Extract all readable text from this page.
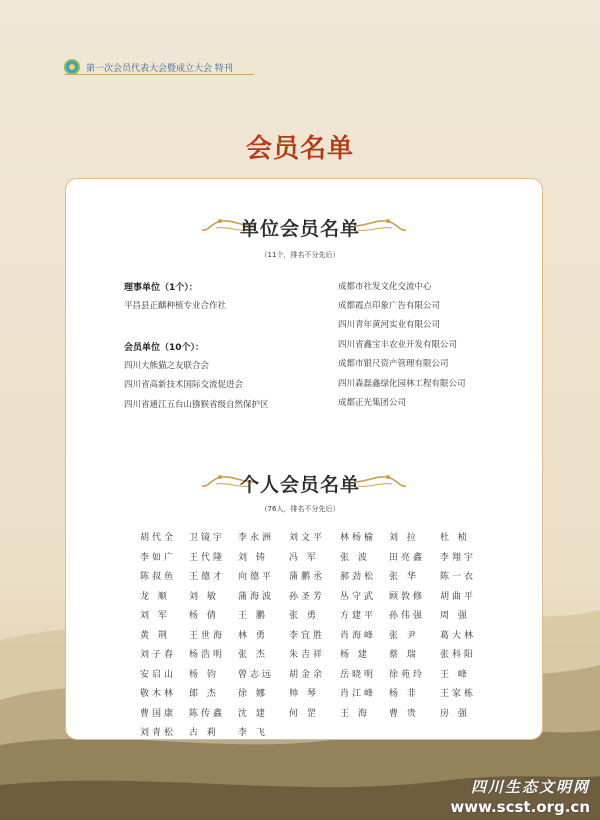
第一次会员代表大会暨成立大会 特刊
会员名单
单位会员名单
（11个，排名不分先后）
理事单位（1个）：
平昌县正麒种植专业合作社
会员单位（10个）：
四川大熊猫之友联合会
四川省高新技术国际交流促进会
四川省通江五台山猕猴省级自然保护区
成都市社发文化交流中心
成都霞点印象广告有限公司
四川青年黄河实业有限公司
四川省鑫宝丰农业开发有限公司
成都市银尺资产管理有限公司
四川森磊鑫绿化园林工程有限公司
成都正光集团公司
个人会员名单
（76人，排名不分先后）
胡代全 卫镜宇 李永洲 刘文平 林杨榆 刘 拉 杜 桢
李如广 王代隆 刘 铸 冯 军 张 波 田亮鑫 李翔宇
陈叔鱼 王德才 向德平 蒲鹏丞 郝劲松 张 华 陈一衣
龙 顺 刘 敏 蒲海波 孙圣芳 丛守武 顾敦修 胡曲平
刘 军 杨 倩 王 鹏 张 勇 方建平 孙伟强 周 强
黄 荆 王世海 林 勇 李宜胜 肖海峰 张 尹 葛大林
刘子春 杨浩明 张 杰 朱吉祥 杨 建 蔡 瑞 张科阳
安启山 杨 钧 曾志远 胡金余 岳晓明 徐苑玲 王 峰
敬木林 郎 杰 徐 娜 帅 琴 肖江峰 杨 非 王家栋
曹国康 陈传鑫 沈 建 何 罡 王 海 曹 贵 房 强
刘青松 古 莉 李 飞
四川生态文明网
www.scst.org.cn
